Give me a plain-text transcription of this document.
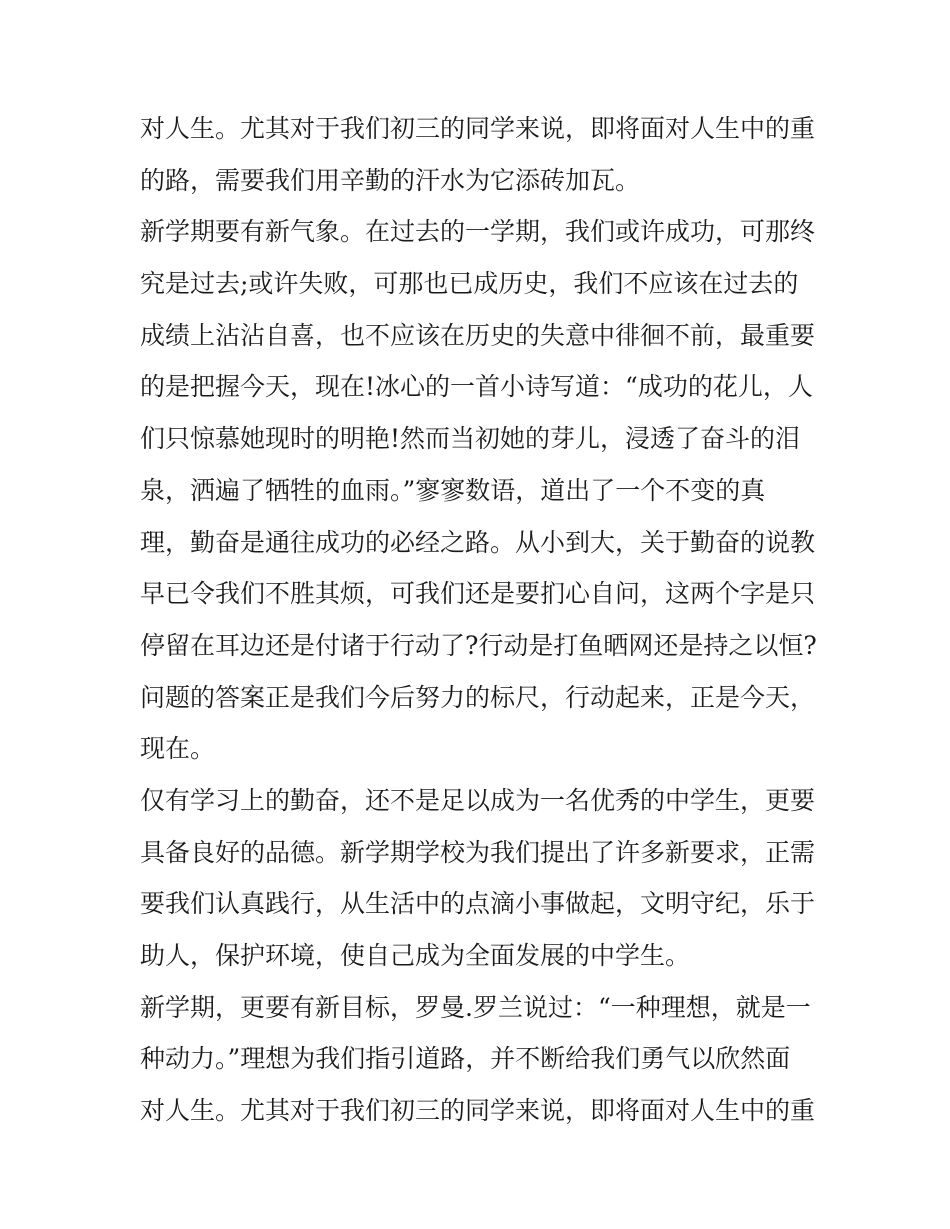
对人生。尤其对于我们初三的同学来说，即将面对人生中的重
的路，需要我们用辛勤的汗水为它添砖加瓦。
新学期要有新气象。在过去的一学期，我们或许成功，可那终
究是过去;或许失败，可那也已成历史，我们不应该在过去的
成绩上沾沾自喜，也不应该在历史的失意中徘徊不前，最重要
的是把握今天，现在!冰心的一首小诗写道：“成功的花儿，人
们只惊慕她现时的明艳!然而当初她的芽儿，浸透了奋斗的泪
泉，洒遍了牺牲的血雨。”寥寥数语，道出了一个不变的真
理，勤奋是通往成功的必经之路。从小到大，关于勤奋的说教
早已令我们不胜其烦，可我们还是要扪心自问，这两个字是只
停留在耳边还是付诸于行动了?行动是打鱼晒网还是持之以恒?
问题的答案正是我们今后努力的标尺，行动起来，正是今天，
现在。
仅有学习上的勤奋，还不是足以成为一名优秀的中学生，更要
具备良好的品德。新学期学校为我们提出了许多新要求，正需
要我们认真践行，从生活中的点滴小事做起，文明守纪，乐于
助人，保护环境，使自己成为全面发展的中学生。
新学期，更要有新目标，罗曼.罗兰说过：“一种理想，就是一
种动力。”理想为我们指引道路，并不断给我们勇气以欣然面
对人生。尤其对于我们初三的同学来说，即将面对人生中的重
